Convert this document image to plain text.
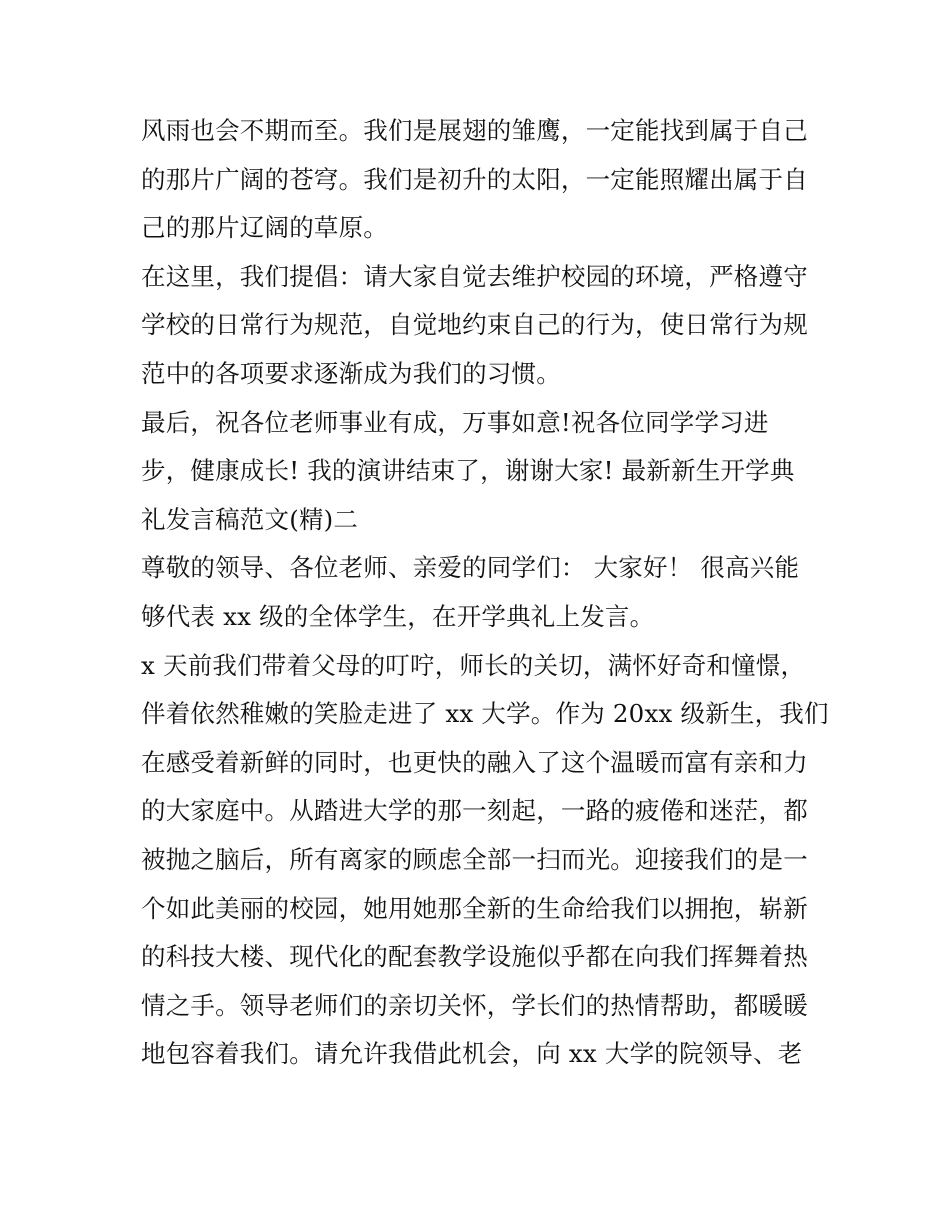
风雨也会不期而至。我们是展翅的雏鹰，一定能找到属于自己
的那片广阔的苍穹。我们是初升的太阳，一定能照耀出属于自
己的那片辽阔的草原。
在这里，我们提倡：请大家自觉去维护校园的环境，严格遵守
学校的日常行为规范，自觉地约束自己的行为，使日常行为规
范中的各项要求逐渐成为我们的习惯。
最后，祝各位老师事业有成，万事如意!祝各位同学学习进
步，健康成长! 我的演讲结束了，谢谢大家! 最新新生开学典
礼发言稿范文(精)二
尊敬的领导、各位老师、亲爱的同学们： 大家好！ 很高兴能
够代表 xx 级的全体学生，在开学典礼上发言。
x 天前我们带着父母的叮咛，师长的关切，满怀好奇和憧憬，
伴着依然稚嫩的笑脸走进了 xx 大学。作为 20xx 级新生，我们
在感受着新鲜的同时，也更快的融入了这个温暖而富有亲和力
的大家庭中。从踏进大学的那一刻起，一路的疲倦和迷茫，都
被抛之脑后，所有离家的顾虑全部一扫而光。迎接我们的是一
个如此美丽的校园，她用她那全新的生命给我们以拥抱，崭新
的科技大楼、现代化的配套教学设施似乎都在向我们挥舞着热
情之手。领导老师们的亲切关怀，学长们的热情帮助，都暖暖
地包容着我们。请允许我借此机会，向 xx 大学的院领导、老
